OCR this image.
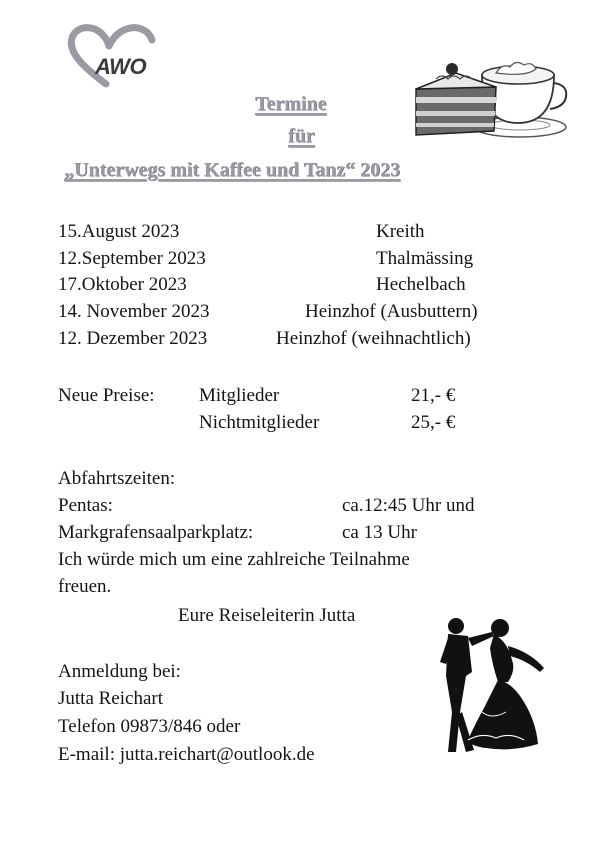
AWO
Termine
für
„Unterwegs mit Kaffee und Tanz“ 2023
15.August 2023	Kreith
12.September 2023	Thalmässing
17.Oktober 2023	Hechelbach
14. November 2023	Heinzhof (Ausbuttern)
12. Dezember 2023	Heinzhof (weihnachtlich)
Neue Preise: Mitglieder	21,- €
Nichtmitglieder	25,- €
Abfahrtszeiten:
Pentas:	ca.12:45 Uhr und
Markgrafensaalparkplatz:	ca 13 Uhr
Ich würde mich um eine zahlreiche Teilnahme
freuen.
Eure Reiseleiterin Jutta
Anmeldung bei:
Jutta Reichart
Telefon 09873/846 oder
E-mail: jutta.reichart@outlook.de
